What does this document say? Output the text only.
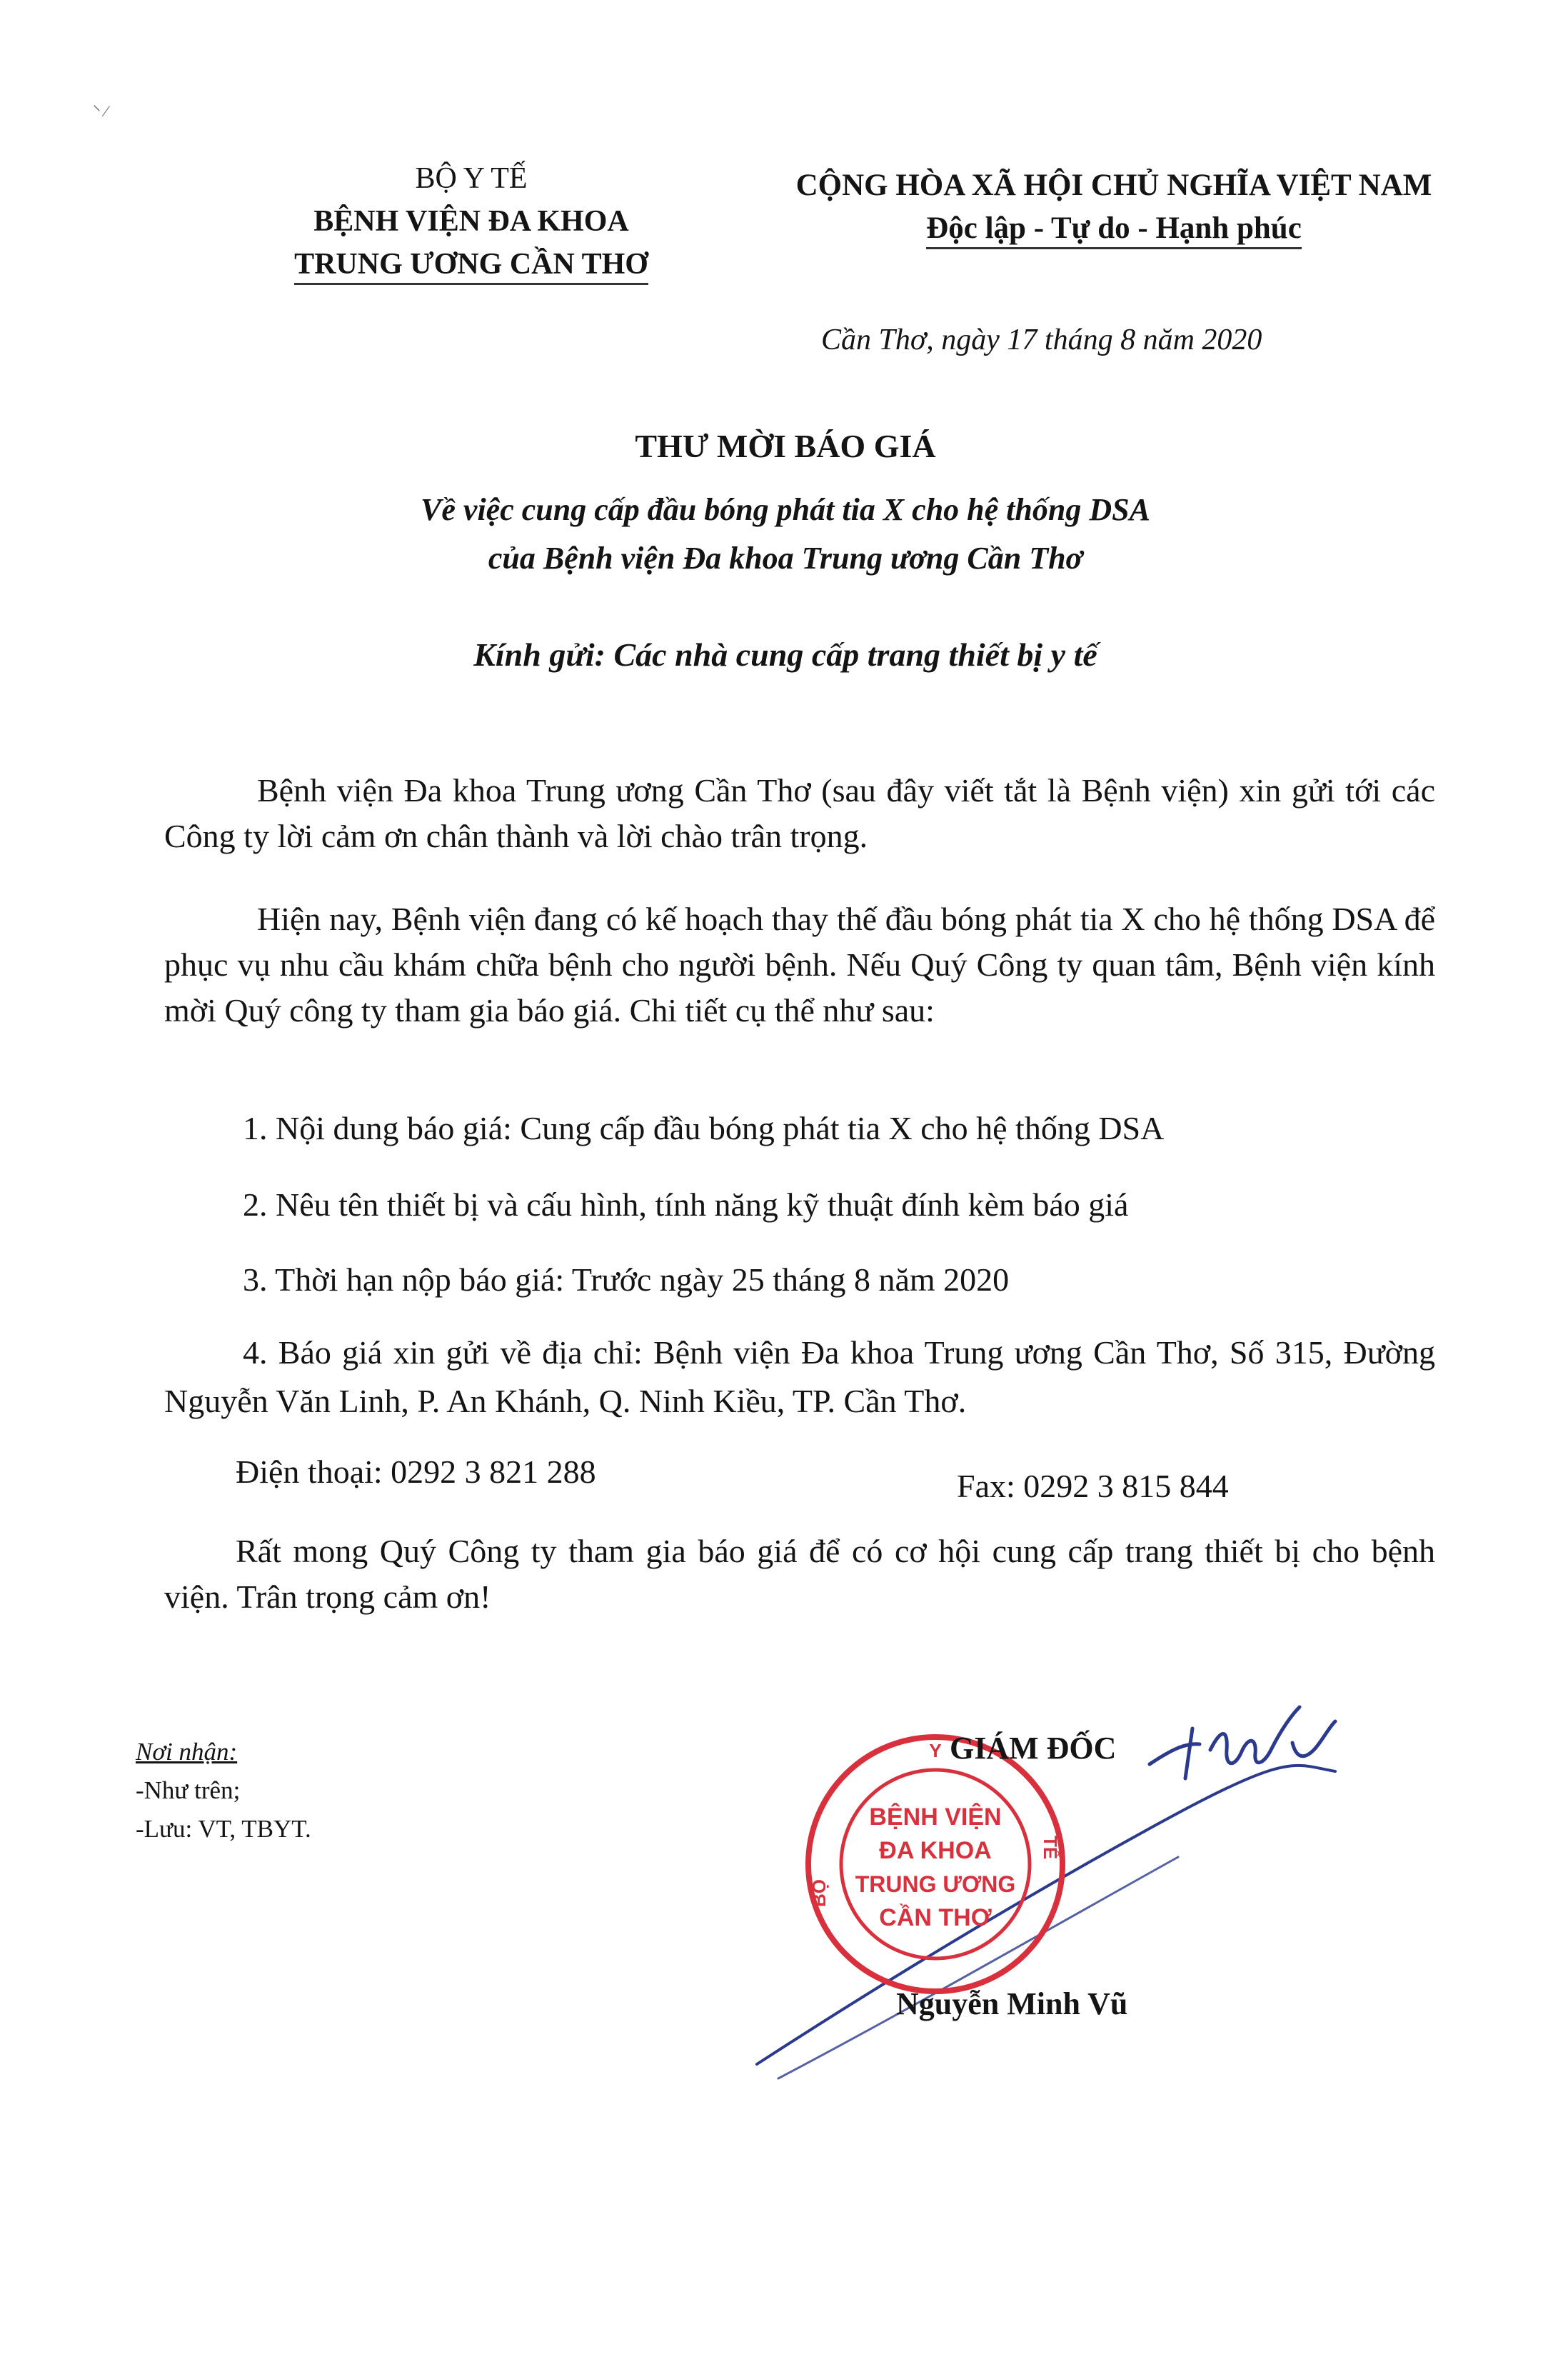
⸌ ⁄
BỘ Y TẾ
BỆNH VIỆN ĐA KHOA
TRUNG ƯƠNG CẦN THƠ
CỘNG HÒA XÃ HỘI CHỦ NGHĨA VIỆT NAM
Độc lập - Tự do - Hạnh phúc
Cần Thơ, ngày 17 tháng 8 năm 2020
THƯ MỜI BÁO GIÁ
Về việc cung cấp đầu bóng phát tia X cho hệ thống DSA
của Bệnh viện Đa khoa Trung ương Cần Thơ
Kính gửi: Các nhà cung cấp trang thiết bị y tế
Bệnh viện Đa khoa Trung ương Cần Thơ (sau đây viết tắt là Bệnh viện) xin gửi tới các Công ty lời cảm ơn chân thành và lời chào trân trọng.
Hiện nay, Bệnh viện đang có kế hoạch thay thế đầu bóng phát tia X cho hệ thống DSA để phục vụ nhu cầu khám chữa bệnh cho người bệnh. Nếu Quý Công ty quan tâm, Bệnh viện kính mời Quý công ty tham gia báo giá. Chi tiết cụ thể như sau:
1. Nội dung báo giá: Cung cấp đầu bóng phát tia X cho hệ thống DSA
2. Nêu tên thiết bị và cấu hình, tính năng kỹ thuật đính kèm báo giá
3. Thời hạn nộp báo giá: Trước ngày 25 tháng 8 năm 2020
4. Báo giá xin gửi về địa chỉ: Bệnh viện Đa khoa Trung ương Cần Thơ, Số 315, Đường Nguyễn Văn Linh, P. An Khánh, Q. Ninh Kiều, TP. Cần Thơ.
Điện thoại: 0292 3 821 288	Fax: 0292 3 815 844
Rất mong Quý Công ty tham gia báo giá để có cơ hội cung cấp trang thiết bị cho bệnh viện. Trân trọng cảm ơn!
Nơi nhận:
-Như trên;
-Lưu: VT, TBYT.	BỆNH VIỆN
ĐA KHOA
TRUNG ƯƠNG
CẦN THƠ
BỘ
TẾ
Y GIÁM ĐỐC
Nguyễn Minh Vũ
